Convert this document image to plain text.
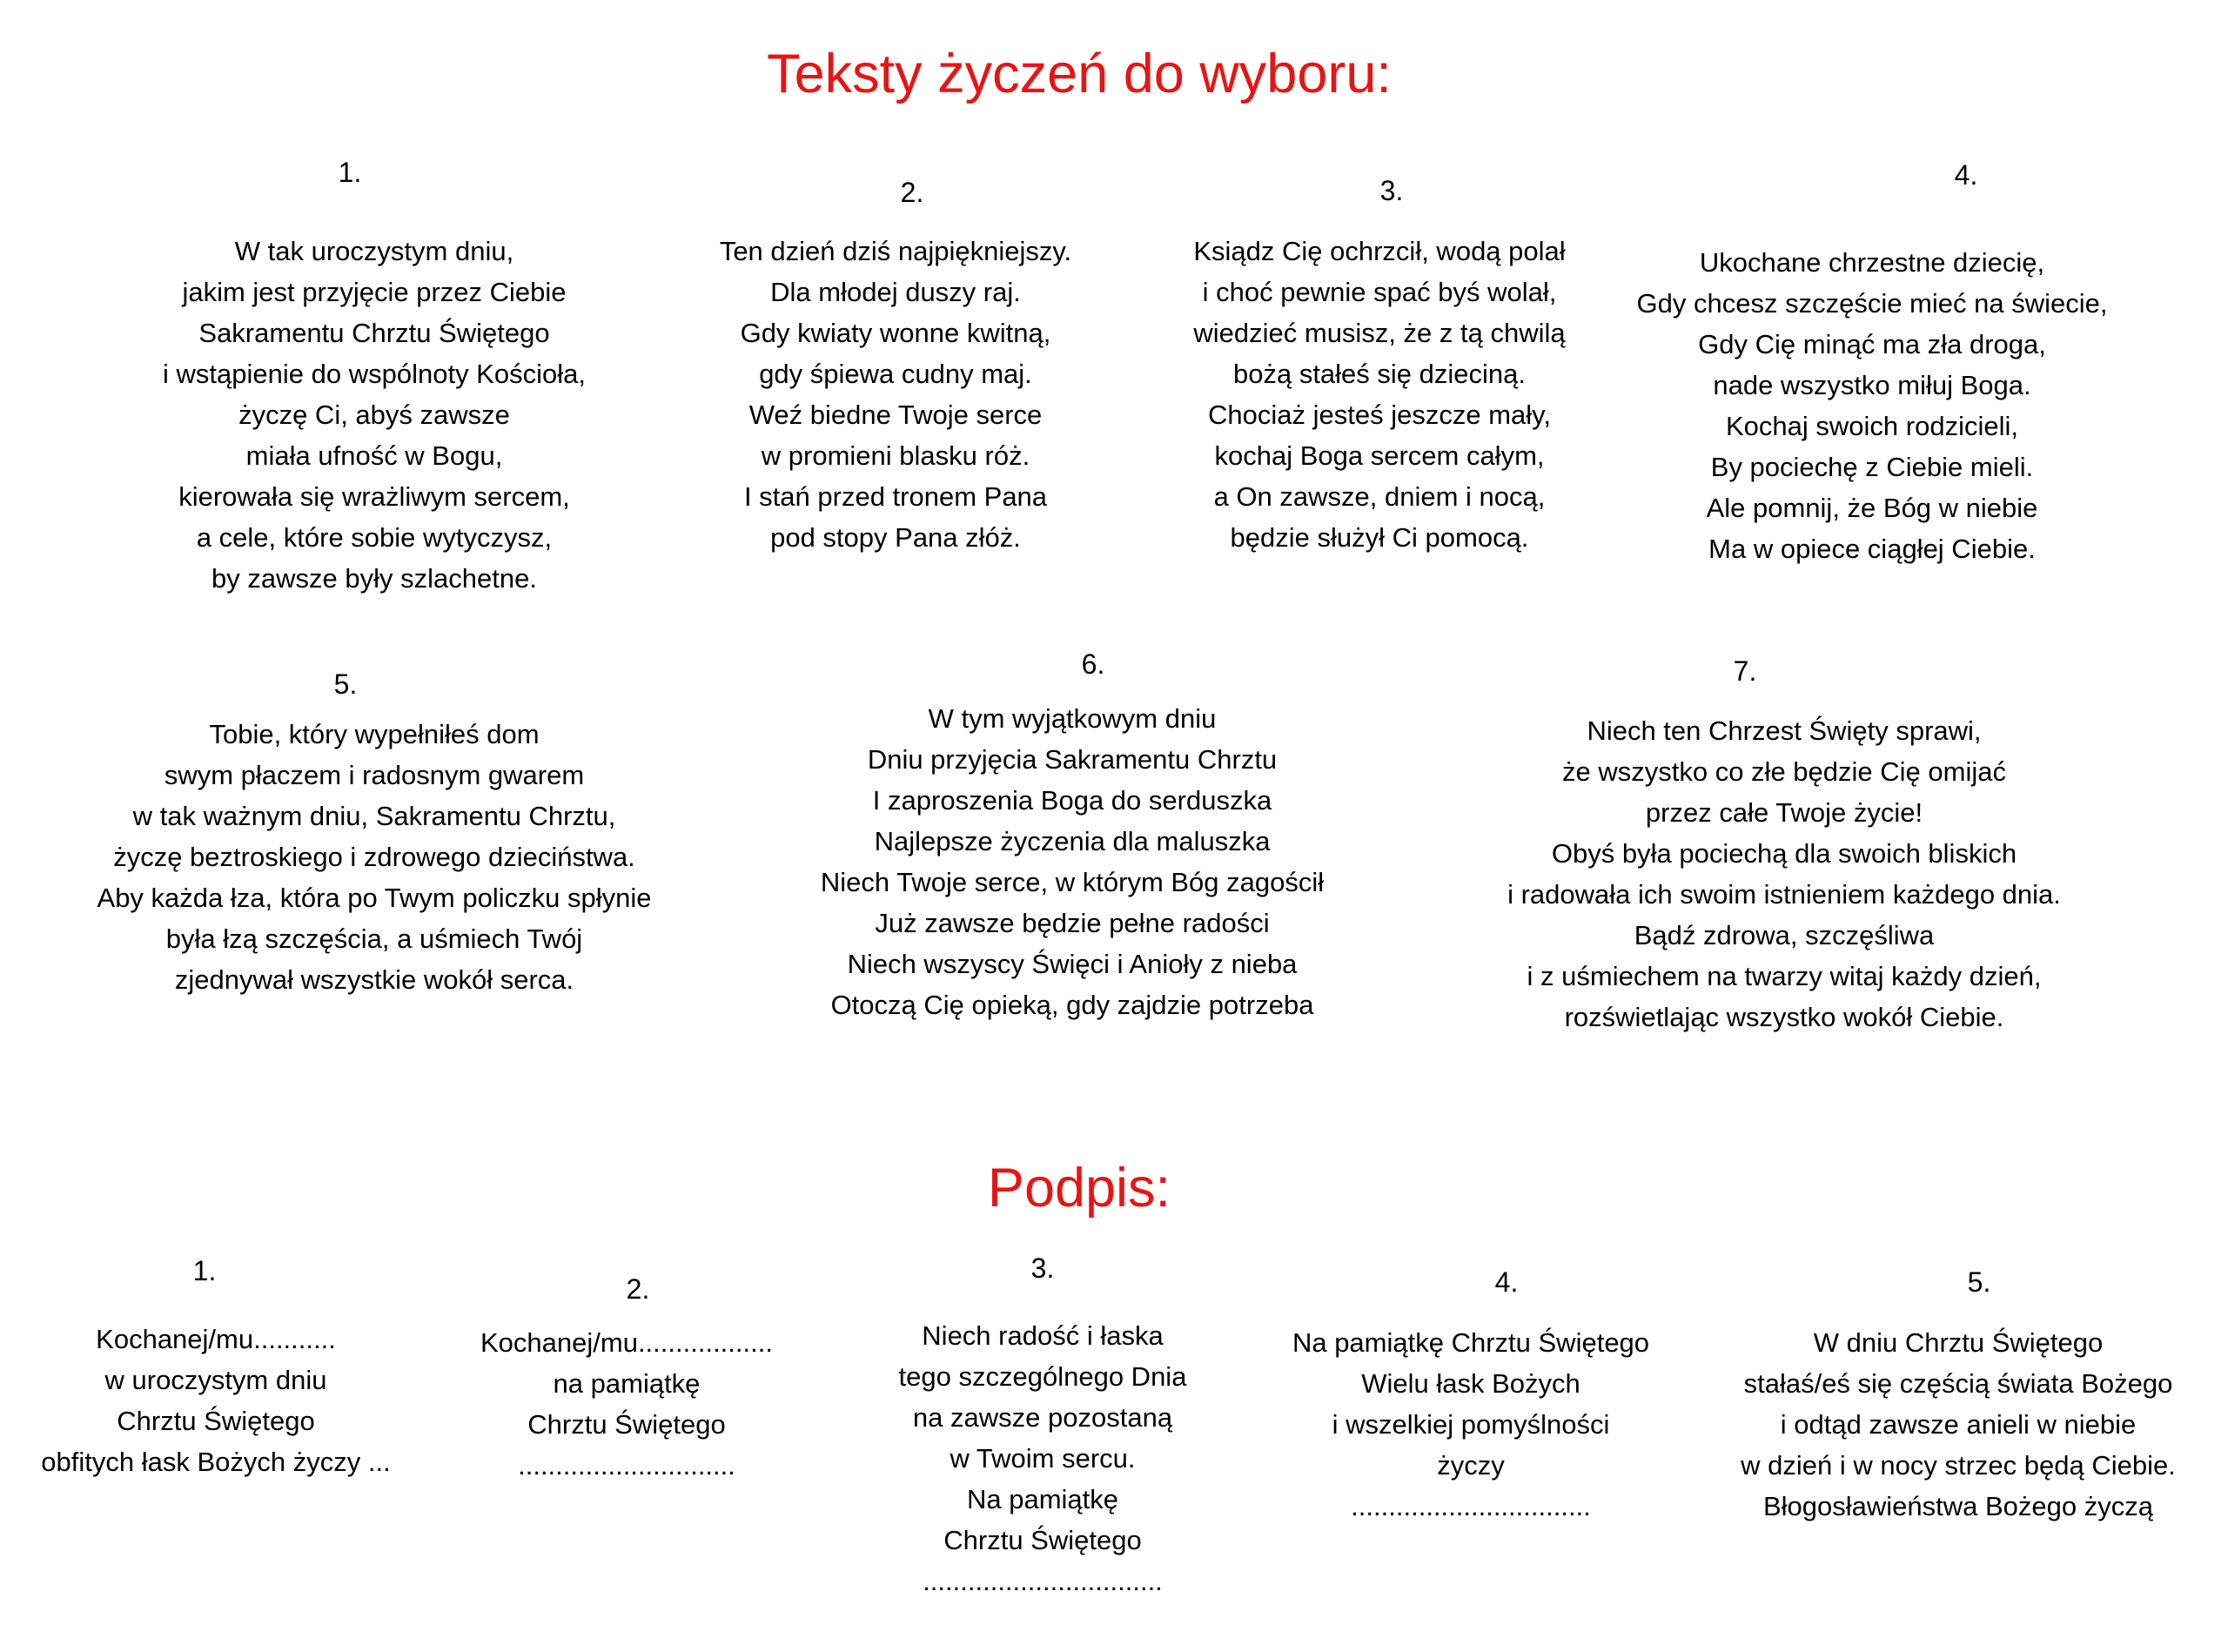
Teksty życzeń do wyboru:
1.
W tak uroczystym dniu,
jakim jest przyjęcie przez Ciebie
Sakramentu Chrztu Świętego
i wstąpienie do wspólnoty Kościoła,
życzę Ci, abyś zawsze
miała ufność w Bogu,
kierowała się wrażliwym sercem,
a cele, które sobie wytyczysz,
by zawsze były szlachetne.
2.
Ten dzień dziś najpiękniejszy.
Dla młodej duszy raj.
Gdy kwiaty wonne kwitną,
gdy śpiewa cudny maj.
Weź biedne Twoje serce
w promieni blasku róż.
I stań przed tronem Pana
pod stopy Pana złóż.
3.
Ksiądz Cię ochrzcił, wodą polał
i choć pewnie spać byś wolał,
wiedzieć musisz, że z tą chwilą
bożą stałeś się dzieciną.
Chociaż jesteś jeszcze mały,
kochaj Boga sercem całym,
a On zawsze, dniem i nocą,
będzie służył Ci pomocą.
4.
Ukochane chrzestne dziecię,
Gdy chcesz szczęście mieć na świecie,
Gdy Cię minąć ma zła droga,
nade wszystko miłuj Boga.
Kochaj swoich rodzicieli,
By pociechę z Ciebie mieli.
Ale pomnij, że Bóg w niebie
Ma w opiece ciągłej Ciebie.
5.
Tobie, który wypełniłeś dom
swym płaczem i radosnym gwarem
w tak ważnym dniu, Sakramentu Chrztu,
życzę beztroskiego i zdrowego dzieciństwa.
Aby każda łza, która po Twym policzku spłynie
była łzą szczęścia, a uśmiech Twój
zjednywał wszystkie wokół serca.
6.
W tym wyjątkowym dniu
Dniu przyjęcia Sakramentu Chrztu
I zaproszenia Boga do serduszka
Najlepsze życzenia dla maluszka
Niech Twoje serce, w którym Bóg zagościł
Już zawsze będzie pełne radości
Niech wszyscy Święci i Anioły z nieba
Otoczą Cię opieką, gdy zajdzie potrzeba
7.
Niech ten Chrzest Święty sprawi,
że wszystko co złe będzie Cię omijać
przez całe Twoje życie!
Obyś była pociechą dla swoich bliskich
i radowała ich swoim istnieniem każdego dnia.
Bądź zdrowa, szczęśliwa
i z uśmiechem na twarzy witaj każdy dzień,
rozświetlając wszystko wokół Ciebie.
Podpis:
1.
Kochanej/mu...........
w uroczystym dniu
Chrztu Świętego
obfitych łask Bożych życzy ...
2.
Kochanej/mu..................
na pamiątkę
Chrztu Świętego
.............................
3.
Niech radość i łaska
tego szczególnego Dnia
na zawsze pozostaną
w Twoim sercu.
Na pamiątkę
Chrztu Świętego
................................
4.
Na pamiątkę Chrztu Świętego
Wielu łask Bożych
i wszelkiej pomyślności
życzy
................................
5.
W dniu Chrztu Świętego
stałaś/eś się częścią świata Bożego
i odtąd zawsze anieli w niebie
w dzień i w nocy strzec będą Ciebie.
Błogosławieństwa Bożego życzą
